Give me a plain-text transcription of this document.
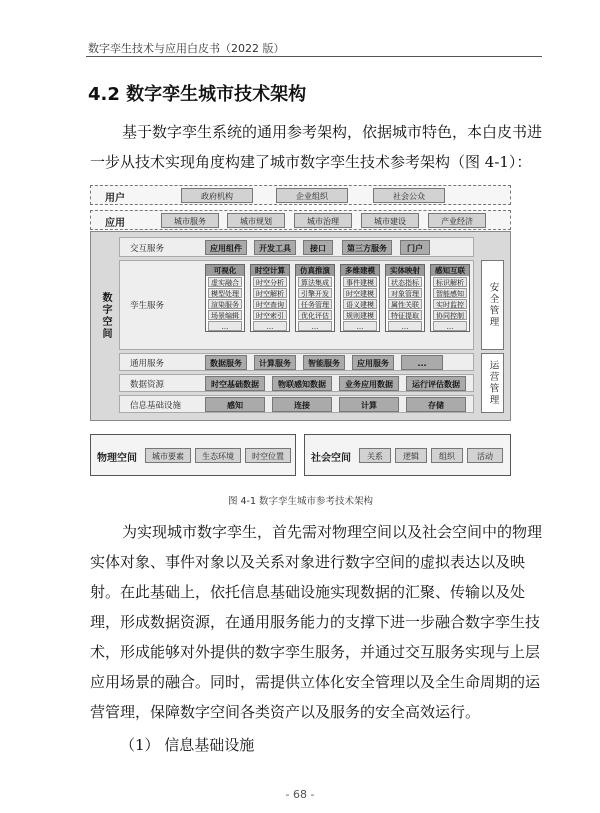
数字孪生技术与应用白皮书（2022 版）
4.2 数字孪生城市技术架构
基于数字孪生系统的通用参考架构，依据城市特色，本白皮书进一步从技术实现角度构建了城市数字孪生技术参考架构（图 4-1）：
用户	政府机构	企业组织	社会公众
应用	城市服务	城市规划	城市治理	城市建设	产业经济
数字空间
交互服务	应用组件	开发工具	接口	第三方服务	门户
孪生服务
可视化
虚实融合
模型处理
渲染服务
场景编辑
...
时空计算
时空分析
时空解析
时空查询
时空索引
...
仿真推演
算法集成
引擎开发
任务管理
优化评估
...
多维建模
事件建模
时空建模
语义建模
规则建模
...
实体映射
状态指标
对象管理
属性关联
特征提取
...
感知互联
标识解析
智能感知
实时监控
协同控制
...
通用服务	数据服务	计算服务	智能服务	应用服务	...
数据资源	时空基础数据	物联感知数据	业务应用数据	运行评估数据
信息基础设施	感知	连接	计算	存储
安全管理
运营管理
物理空间	城市要素	生态环境	时空位置	社会空间	关系	逻辑	组织	活动
图 4-1 数字孪生城市参考技术架构
为实现城市数字孪生，首先需对物理空间以及社会空间中的物理实体对象、事件对象以及关系对象进行数字空间的虚拟表达以及映射。在此基础上，依托信息基础设施实现数据的汇聚、传输以及处理，形成数据资源，在通用服务能力的支撑下进一步融合数字孪生技术，形成能够对外提供的数字孪生服务，并通过交互服务实现与上层应用场景的融合。同时，需提供立体化安全管理以及全生命周期的运营管理，保障数字空间各类资产以及服务的安全高效运行。
（1） 信息基础设施
- 68 -
